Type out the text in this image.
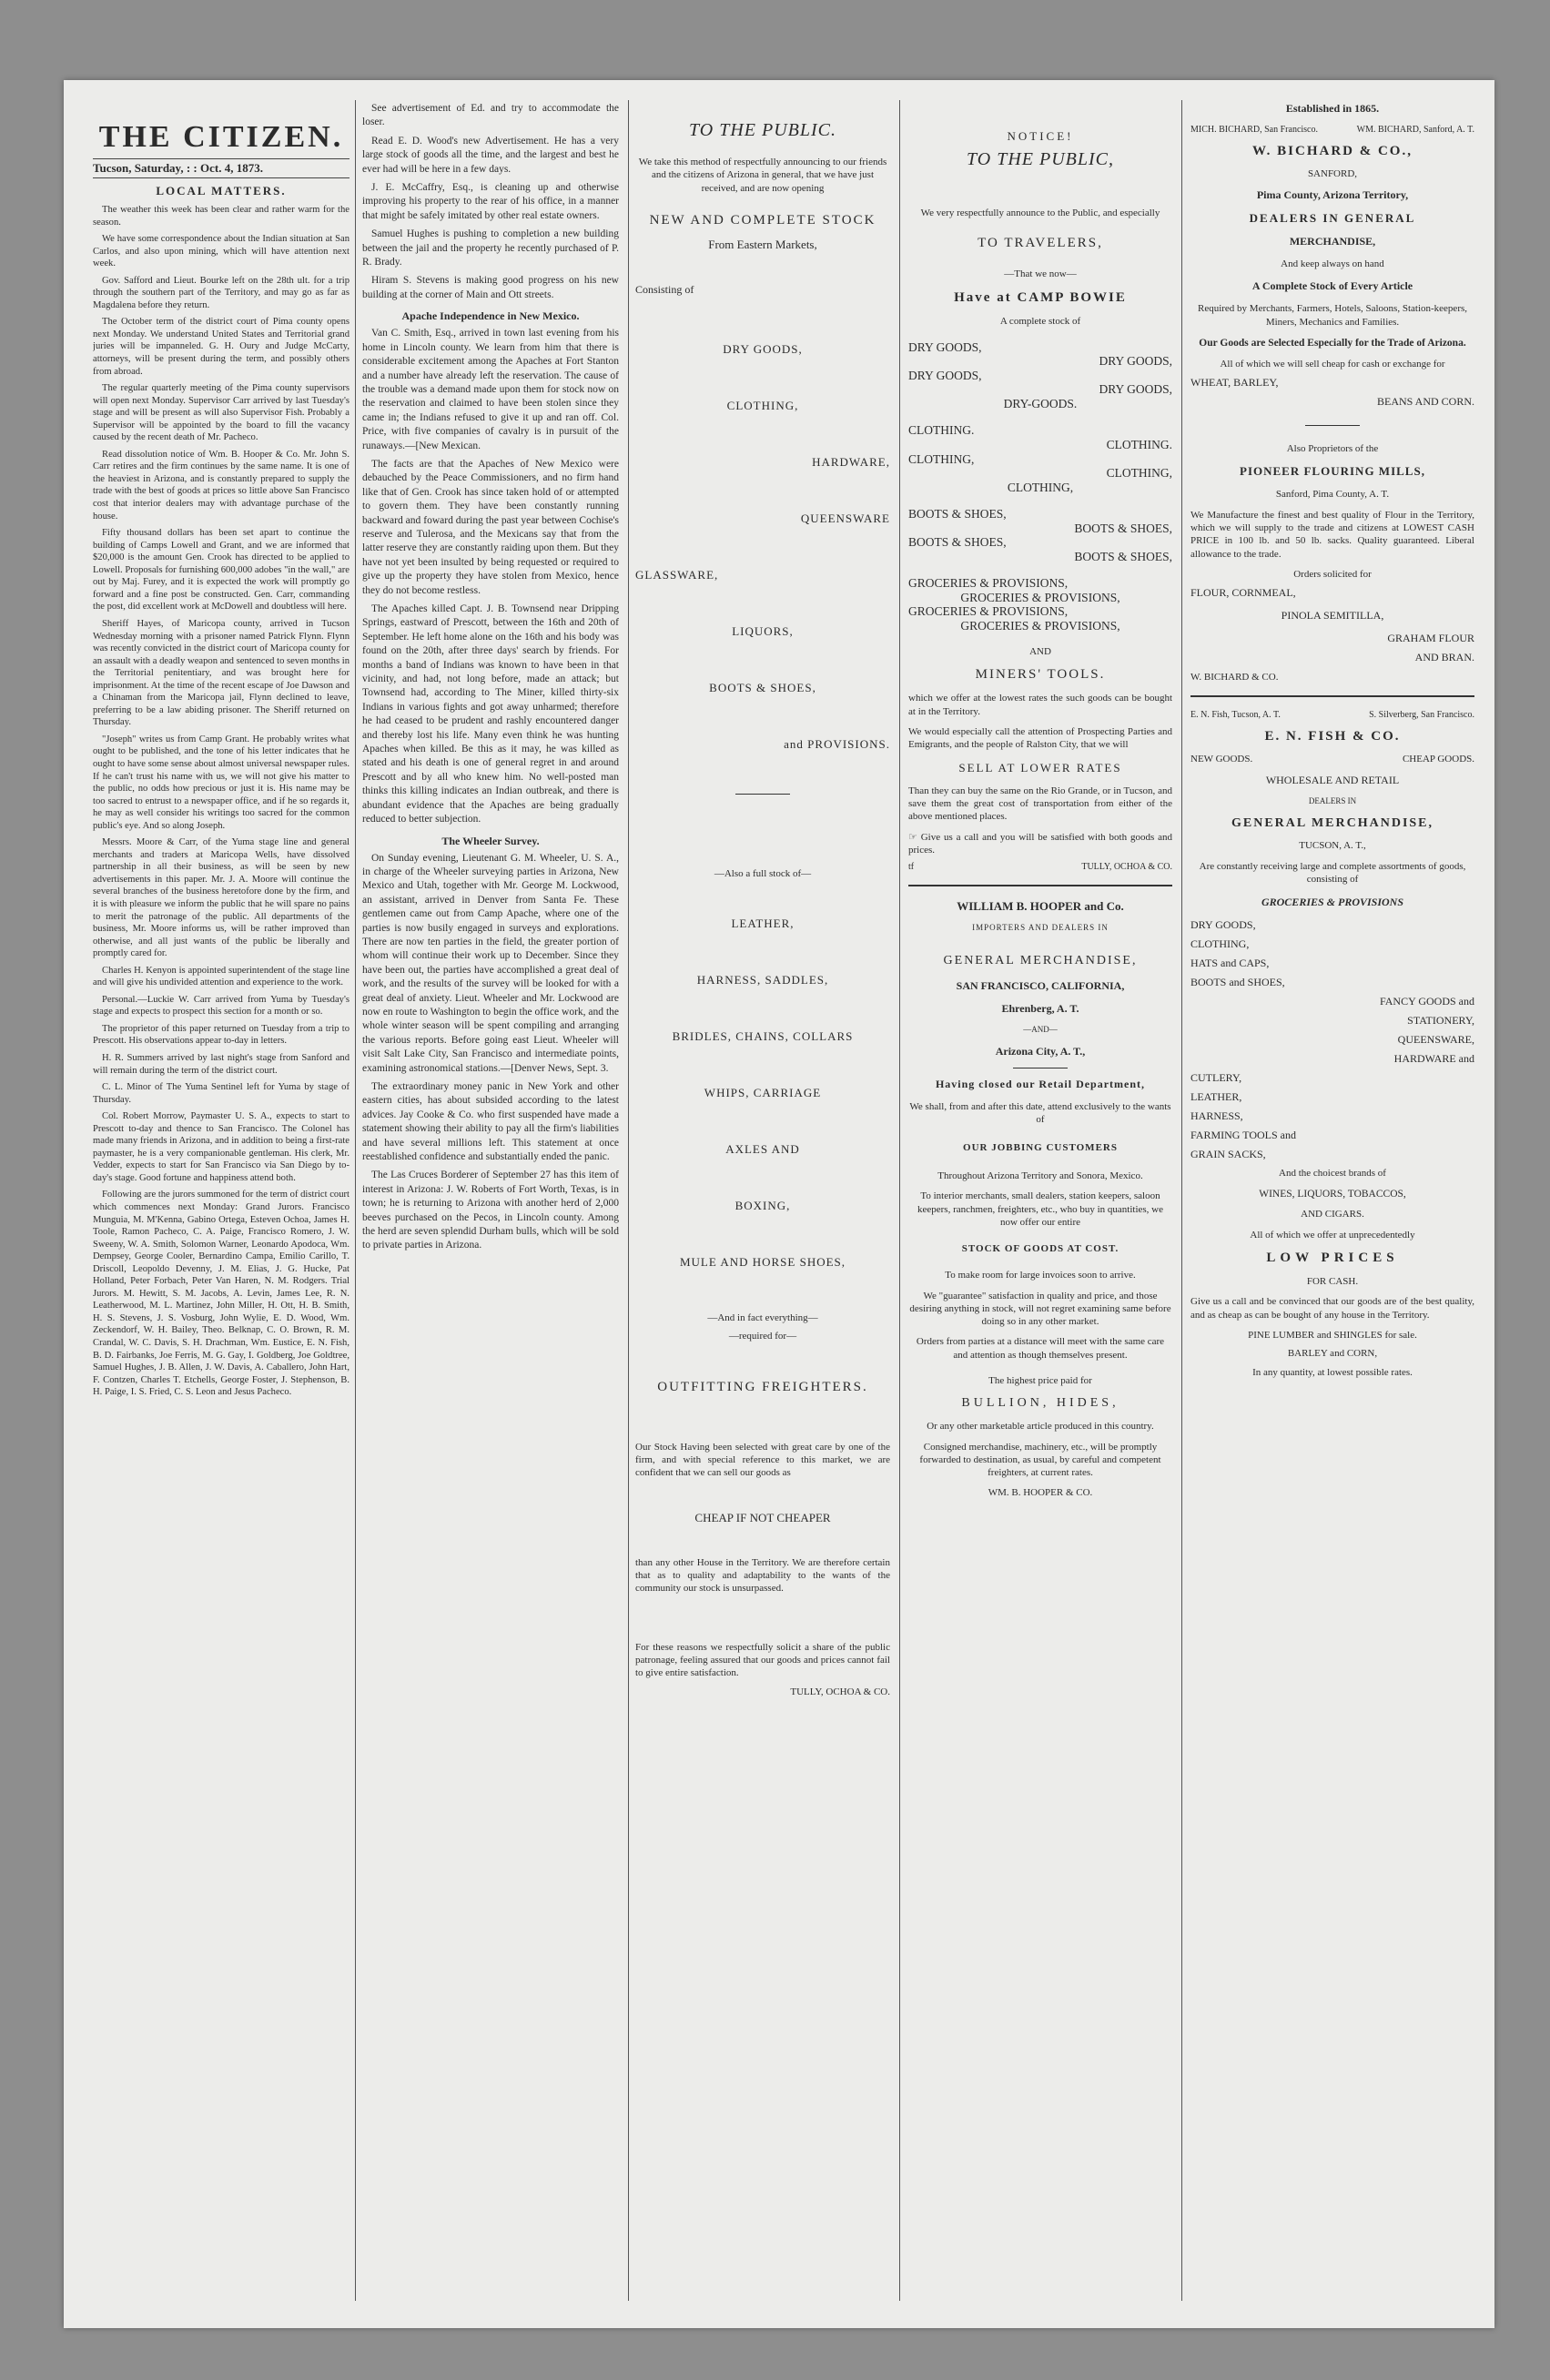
THE CITIZEN.
Tucson, Saturday, : : Oct. 4, 1873.
LOCAL MATTERS.

The weather this week has been clear and rather warm for the season.

We have some correspondence about the Indian situation at San Carlos, and also upon mining, which will have attention next week.

Gov. Safford and Lieut. Bourke left on the 28th ult. for a trip through the southern part of the Territory, and may go as far as Magdalena before they return.

The October term of the district court of Pima county opens next Monday. We understand United States and Territorial grand juries will be impanneled. G. H. Oury and Judge McCarty, attorneys, will be present during the term, and possibly others from abroad.

The regular quarterly meeting of the Pima county supervisors will open next Monday. Supervisor Carr arrived by last Tuesday's stage and will be present as will also Supervisor Fish. Probably a Supervisor will be appointed by the board to fill the vacancy caused by the recent death of Mr. Pacheco.

Read dissolution notice of Wm. B. Hooper & Co. Mr. John S. Carr retires and the firm continues by the same name. It is one of the heaviest in Arizona, and is constantly prepared to supply the trade with the best of goods at prices so little above San Francisco cost that interior dealers may with advantage purchase of the house.

Fifty thousand dollars has been set apart to continue the building of Camps Lowell and Grant, and we are informed that $20,000 is the amount Gen. Crook has directed to be applied to Lowell. Proposals for furnishing 600,000 adobes "in the wall," are out by Maj. Furey, and it is expected the work will promptly go forward and a fine post be constructed. Gen. Carr, commanding the post, did excellent work at McDowell and doubtless will here.

Sheriff Hayes, of Maricopa county, arrived in Tucson Wednesday morning with a prisoner named Patrick Flynn. Flynn was recently convicted in the district court of Maricopa county for an assault with a deadly weapon and sentenced to seven months in the Territorial penitentiary, and was brought here for imprisonment. At the time of the recent escape of Joe Dawson and a Chinaman from the Maricopa jail, Flynn declined to leave, preferring to be a law abiding prisoner. The Sheriff returned on Thursday.

"Joseph" writes us from Camp Grant. He probably writes what ought to be published, and the tone of his letter indicates that he ought to have some sense about almost universal newspaper rules. If he can't trust his name with us, we will not give his matter to the public, no odds how precious or just it is. His name may be too sacred to entrust to a newspaper office, and if he so regards it, he may as well consider his writings too sacred for the common public's eye. And so along Joseph.

Messrs. Moore & Carr, of the Yuma stage line and general merchants and traders at Maricopa Wells, have dissolved partnership in all their business, as will be seen by new advertisements in this paper. Mr. J. A. Moore will continue the several branches of the business heretofore done by the firm, and it is with pleasure we inform the public that he will spare no pains to merit the patronage of the public. All departments of the business, Mr. Moore informs us, will be rather improved than otherwise, and all just wants of the public be liberally and promptly cared for.

Charles H. Kenyon is appointed superintendent of the stage line and will give his undivided attention and experience to the work.

Personal.—Luckie W. Carr arrived from Yuma by Tuesday's stage and expects to prospect this section for a month or so.

The proprietor of this paper returned on Tuesday from a trip to Prescott. His observations appear to-day in letters.

H. R. Summers arrived by last night's stage from Sanford and will remain during the term of the district court.

C. L. Minor of The Yuma Sentinel left for Yuma by stage of Thursday.

Col. Robert Morrow, Paymaster U. S. A., expects to start to Prescott to-day and thence to San Francisco. The Colonel has made many friends in Arizona, and in addition to being a first-rate paymaster, he is a very companionable gentleman. His clerk, Mr. Vedder, expects to start for San Francisco via San Diego by to-day's stage. Good fortune and happiness attend both.

Following are the jurors summoned for the term of district court which commences next Monday: Grand Jurors. Francisco Munguia, M. M'Kenna, Gabino Ortega, Esteven Ochoa, James H. Toole, Ramon Pacheco, C. A. Paige, Francisco Romero, J. W. Sweeny, W. A. Smith, Solomon Warner, Leonardo Apodoca, Wm. Dempsey, George Cooler, Bernardino Campa, Emilio Carillo, T. Driscoll, Leopoldo Devenny, J. M. Elias, J. G. Hucke, Pat Holland, Peter Forbach, Peter Van Haren, N. M. Rodgers. Trial Jurors. M. Hewitt, S. M. Jacobs, A. Levin, James Lee, R. N. Leatherwood, M. L. Martinez, John Miller, H. Ott, H. B. Smith, H. S. Stevens, J. S. Vosburg, John Wylie, E. D. Wood, Wm. Zeckendorf, W. H. Bailey, Theo. Belknap, C. O. Brown, R. M. Crandal, W. C. Davis, S. H. Drachman, Wm. Eustice, E. N. Fish, B. D. Fairbanks, Joe Ferris, M. G. Gay, I. Goldberg, Joe Goldtree, Samuel Hughes, J. B. Allen, J. W. Davis, A. Caballero, John Hart, F. Contzen, Charles T. Etchells, George Foster, J. Stephenson, B. H. Paige, I. S. Fried, C. S. Leon and Jesus Pacheco.

See advertisement of Ed. and try to accommodate the loser.

Read E. D. Wood's new Advertisement. He has a very large stock of goods all the time, and the largest and best he ever had will be here in a few days.

J. E. McCaffry, Esq., is cleaning up and otherwise improving his property to the rear of his office, in a manner that might be safely imitated by other real estate owners.

Samuel Hughes is pushing to completion a new building between the jail and the property he recently purchased of P. R. Brady.

Hiram S. Stevens is making good progress on his new building at the corner of Main and Ott streets.

Apache Independence in New Mexico.

Van C. Smith, Esq., arrived in town last evening from his home in Lincoln county. We learn from him that there is considerable excitement among the Apaches at Fort Stanton and a number have already left the reservation. The cause of the trouble was a demand made upon them for stock now on the reservation and claimed to have been stolen since they came in; the Indians refused to give it up and ran off. Col. Price, with five companies of cavalry is in pursuit of the runaways.—[New Mexican.

The facts are that the Apaches of New Mexico were debauched by the Peace Commissioners, and no firm hand like that of Gen. Crook has since taken hold of or attempted to govern them. They have been constantly running backward and foward during the past year between Cochise's reserve and Tulerosa, and the Mexicans say that from the latter reserve they are constantly raiding upon them. But they have not yet been insulted by being requested or required to give up the property they have stolen from Mexico, hence they do not become restless.

The Apaches killed Capt. J. B. Townsend near Dripping Springs, eastward of Prescott, between the 16th and 20th of September. He left home alone on the 16th and his body was found on the 20th, after three days' search by friends. For months a band of Indians was known to have been in that vicinity, and had, not long before, made an attack; but Townsend had, according to The Miner, killed thirty-six Indians in various fights and got away unharmed; therefore he had ceased to be prudent and rashly encountered danger and thereby lost his life. Many even think he was hunting Apaches when killed. Be this as it may, he was killed as stated and his death is one of general regret in and around Prescott and by all who knew him. No well-posted man thinks this killing indicates an Indian outbreak, and there is abundant evidence that the Apaches are being gradually reduced to better subjection.

The Wheeler Survey.

On Sunday evening, Lieutenant G. M. Wheeler, U. S. A., in charge of the Wheeler surveying parties in Arizona, New Mexico and Utah, together with Mr. George M. Lockwood, an assistant, arrived in Denver from Santa Fe. These gentlemen came out from Camp Apache, where one of the parties is now busily engaged in surveys and explorations. There are now ten parties in the field, the greater portion of whom will continue their work up to December. Since they have been out, the parties have accomplished a great deal of work, and the results of the survey will be looked for with a great deal of anxiety. Lieut. Wheeler and Mr. Lockwood are now en route to Washington to begin the office work, and the whole winter season will be spent compiling and arranging the various reports. Before going east Lieut. Wheeler will visit Salt Lake City, San Francisco and intermediate points, examining astronomical stations.—[Denver News, Sept. 3.

The extraordinary money panic in New York and other eastern cities, has about subsided according to the latest advices. Jay Cooke & Co. who first suspended have made a statement showing their ability to pay all the firm's liabilities and have several millions left. This statement at once reestablished confidence and substantially ended the panic.

The Las Cruces Borderer of September 27 has this item of interest in Arizona: J. W. Roberts of Fort Worth, Texas, is in town; he is returning to Arizona with another herd of 2,000 beeves purchased on the Pecos, in Lincoln county. Among the herd are seven splendid Durham bulls, which will be sold to private parties in Arizona.

TO THE PUBLIC.
We take this method of respectfully announcing to our friends and the citizens of Arizona in general, that we have just received, and are now opening
NEW AND COMPLETE STOCK
From Eastern Markets,
Consisting of
DRY GOODS,
CLOTHING,
HARDWARE,
QUEENSWARE
GLASSWARE,
LIQUORS,
BOOTS & SHOES,
and PROVISIONS.
—Also a full stock of—
LEATHER,
HARNESS, SADDLES,
BRIDLES, CHAINS, COLLARS
WHIPS, CARRIAGE
AXLES AND
BOXING,
MULE AND HORSE SHOES,
—And in fact everything—
—required for—
OUTFITTING FREIGHTERS.
Our Stock Having been selected with great care by one of the firm, and with special reference to this market, we are confident that we can sell our goods as
CHEAP IF NOT CHEAPER
than any other House in the Territory. We are therefore certain that as to quality and adaptability to the wants of the community our stock is unsurpassed.
For these reasons we respectfully solicit a share of the public patronage, feeling assured that our goods and prices cannot fail to give entire satisfaction.
TULLY, OCHOA & CO.
NOTICE!
TO THE PUBLIC,
We very respectfully announce to the Public, and especially
TO TRAVELERS,
—That we now—
Have at CAMP BOWIE
A complete stock of
DRY GOODS,
DRY GOODS,
DRY GOODS,
DRY GOODS,
DRY-GOODS.
CLOTHING.
CLOTHING.
CLOTHING,
CLOTHING,
CLOTHING,
BOOTS & SHOES,
BOOTS & SHOES,
BOOTS & SHOES,
BOOTS & SHOES,
GROCERIES & PROVISIONS,
GROCERIES & PROVISIONS,
GROCERIES & PROVISIONS,
GROCERIES & PROVISIONS,
AND
MINERS' TOOLS.
which we offer at the lowest rates the such goods can be bought at in the Territory.
We would especially call the attention of Prospecting Parties and Emigrants, and the people of Ralston City, that we will
SELL AT LOWER RATES
Than they can buy the same on the Rio Grande, or in Tucson, and save them the great cost of transportation from either of the above mentioned places.
☞ Give us a call and you will be satisfied with both goods and prices.
tf	TULLY, OCHOA & CO.
WILLIAM B. HOOPER and Co.
IMPORTERS AND DEALERS IN
GENERAL MERCHANDISE,
SAN FRANCISCO, CALIFORNIA,
Ehrenberg, A. T.
—AND—
Arizona City, A. T.,
Having closed our Retail Department,
We shall, from and after this date, attend exclusively to the wants of
OUR JOBBING CUSTOMERS
Throughout Arizona Territory and Sonora, Mexico.
To interior merchants, small dealers, station keepers, saloon keepers, ranchmen, freighters, etc., who buy in quantities, we now offer our entire
STOCK OF GOODS AT COST.
To make room for large invoices soon to arrive.
We "guarantee" satisfaction in quality and price, and those desiring anything in stock, will not regret examining same before doing so in any other market.
Orders from parties at a distance will meet with the same care and attention as though themselves present.
The highest price paid for
BULLION, HIDES,
Or any other marketable article produced in this country.
Consigned merchandise, machinery, etc., will be promptly forwarded to destination, as usual, by careful and competent freighters, at current rates.
WM. B. HOOPER & CO.
Established in 1865.
MICH. BICHARD, San Francisco.	WM. BICHARD, Sanford, A. T.
W. BICHARD & CO.,
SANFORD,
Pima County, Arizona Territory,
DEALERS IN GENERAL
MERCHANDISE,
And keep always on hand
A Complete Stock of Every Article
Required by Merchants, Farmers, Hotels, Saloons, Station-keepers, Miners, Mechanics and Families.
Our Goods are Selected Especially for the Trade of Arizona.
All of which we will sell cheap for cash or exchange for
WHEAT, BARLEY,
BEANS AND CORN.
Also Proprietors of the
PIONEER FLOURING MILLS,
Sanford, Pima County, A. T.
We Manufacture the finest and best quality of Flour in the Territory, which we will supply to the trade and citizens at LOWEST CASH PRICE in 100 lb. and 50 lb. sacks. Quality guaranteed. Liberal allowance to the trade.
Orders solicited for
FLOUR, CORNMEAL,
PINOLA SEMITILLA,
GRAHAM FLOUR
AND BRAN.
W. BICHARD & CO.
E. N. Fish, Tucson, A. T.	S. Silverberg, San Francisco.
E. N. FISH & CO.
NEW GOODS.	CHEAP GOODS.
WHOLESALE AND RETAIL
DEALERS IN
GENERAL MERCHANDISE,
TUCSON, A. T.,
Are constantly receiving large and complete assortments of goods, consisting of
GROCERIES & PROVISIONS
DRY GOODS,
CLOTHING,
HATS and CAPS,
BOOTS and SHOES,
FANCY GOODS and
STATIONERY,
QUEENSWARE,
HARDWARE and
CUTLERY,
LEATHER,
HARNESS,
FARMING TOOLS and
GRAIN SACKS,
And the choicest brands of
WINES, LIQUORS, TOBACCOS,
AND CIGARS.
All of which we offer at unprecedentedly
LOW PRICES
FOR CASH.
Give us a call and be convinced that our goods are of the best quality, and as cheap as can be bought of any house in the Territory.
PINE LUMBER and SHINGLES for sale.
BARLEY and CORN,
In any quantity, at lowest possible rates.
